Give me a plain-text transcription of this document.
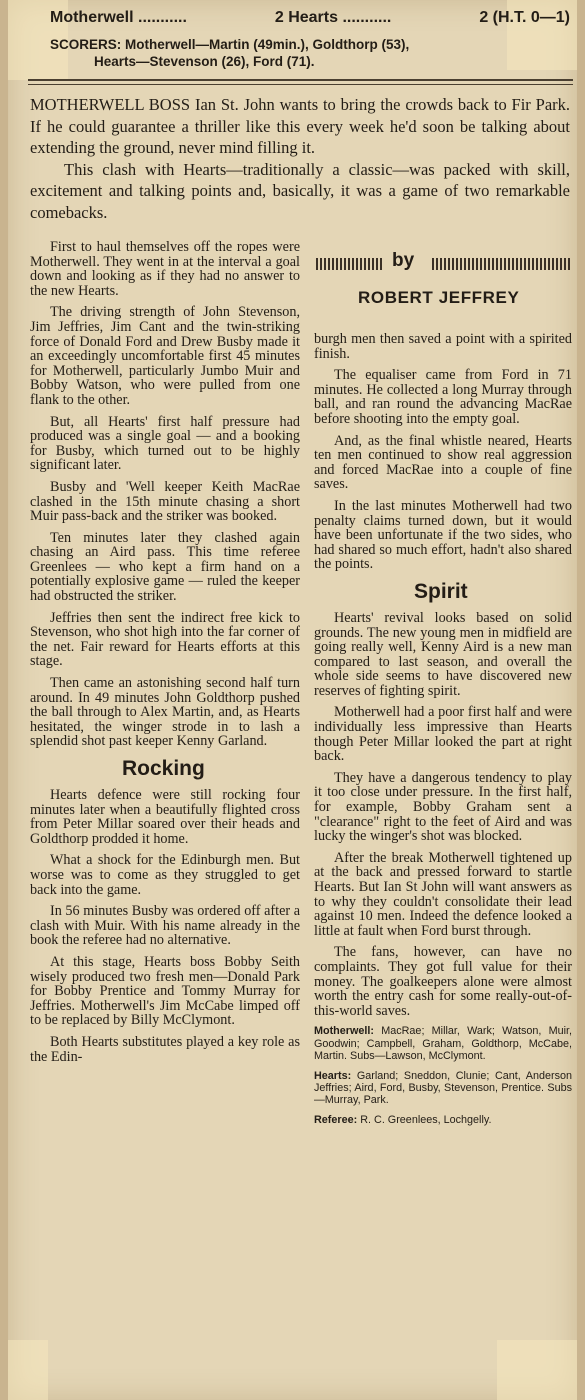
Motherwell ...........	2 Hearts ...........	2 (H.T. 0—1)
SCORERS: Motherwell—Martin (49min.), Goldthorp (53),
Hearts—Stevenson (26), Ford (71).

MOTHERWELL BOSS Ian St. John wants to bring the crowds back to Fir Park. If he could guarantee a thriller like this every week he'd soon be talking about extending the ground, never mind filling it.

This clash with Hearts—traditionally a classic—was packed with skill, excitement and talking points and, basically, it was a game of two remarkable comebacks.

by
ROBERT JEFFREY

First to haul themselves off the ropes were Motherwell. They went in at the interval a goal down and looking as if they had no answer to the new Hearts.

The driving strength of John Stevenson, Jim Jeffries, Jim Cant and the twin-striking force of Donald Ford and Drew Busby made it an exceedingly uncomfortable first 45 minutes for Motherwell, particularly Jumbo Muir and Bobby Watson, who were pulled from one flank to the other.

But, all Hearts' first half pressure had produced was a single goal — and a booking for Busby, which turned out to be highly significant later.

Busby and 'Well keeper Keith MacRae clashed in the 15th minute chasing a short Muir pass-back and the striker was booked.

Ten minutes later they clashed again chasing an Aird pass. This time referee Greenlees — who kept a firm hand on a potentially explosive game — ruled the keeper had obstructed the striker.

Jeffries then sent the indirect free kick to Stevenson, who shot high into the far corner of the net. Fair reward for Hearts efforts at this stage.

Then came an astonishing second half turn around. In 49 minutes John Goldthorp pushed the ball through to Alex Martin, and, as Hearts hesitated, the winger strode in to lash a splendid shot past keeper Kenny Garland.

Rocking

Hearts defence were still rocking four minutes later when a beautifully flighted cross from Peter Millar soared over their heads and Goldthorp prodded it home.

What a shock for the Edinburgh men. But worse was to come as they struggled to get back into the game.

In 56 minutes Busby was ordered off after a clash with Muir. With his name already in the book the referee had no alternative.

At this stage, Hearts boss Bobby Seith wisely produced two fresh men—Donald Park for Bobby Prentice and Tommy Murray for Jeffries. Motherwell's Jim McCabe limped off to be replaced by Billy McClymont.

Both Hearts substitutes played a key role as the Edin-

burgh men then saved a point with a spirited finish.

The equaliser came from Ford in 71 minutes. He collected a long Murray through ball, and ran round the advancing MacRae before shooting into the empty goal.

And, as the final whistle neared, Hearts ten men continued to show real aggression and forced MacRae into a couple of fine saves.

In the last minutes Motherwell had two penalty claims turned down, but it would have been unfortunate if the two sides, who had shared so much effort, hadn't also shared the points.

Spirit

Hearts' revival looks based on solid grounds. The new young men in midfield are going really well, Kenny Aird is a new man compared to last season, and overall the whole side seems to have discovered new reserves of fighting spirit.

Motherwell had a poor first half and were individually less impressive than Hearts though Peter Millar looked the part at right back.

They have a dangerous tendency to play it too close under pressure. In the first half, for example, Bobby Graham sent a "clearance" right to the feet of Aird and was lucky the winger's shot was blocked.

After the break Motherwell tightened up at the back and pressed forward to startle Hearts. But Ian St John will want answers as to why they couldn't consolidate their lead against 10 men. Indeed the defence looked a little at fault when Ford burst through.

The fans, however, can have no complaints. They got full value for their money. The goalkeepers alone were almost worth the entry cash for some really-out-of-this-world saves.

Motherwell: MacRae; Millar, Wark; Watson, Muir, Goodwin; Campbell, Graham, Goldthorp, McCabe, Martin. Subs—Lawson, McClymont.

Hearts: Garland; Sneddon, Clunie; Cant, Anderson Jeffries; Aird, Ford, Busby, Stevenson, Prentice. Subs—Murray, Park.

Referee: R. C. Greenlees, Lochgelly.
